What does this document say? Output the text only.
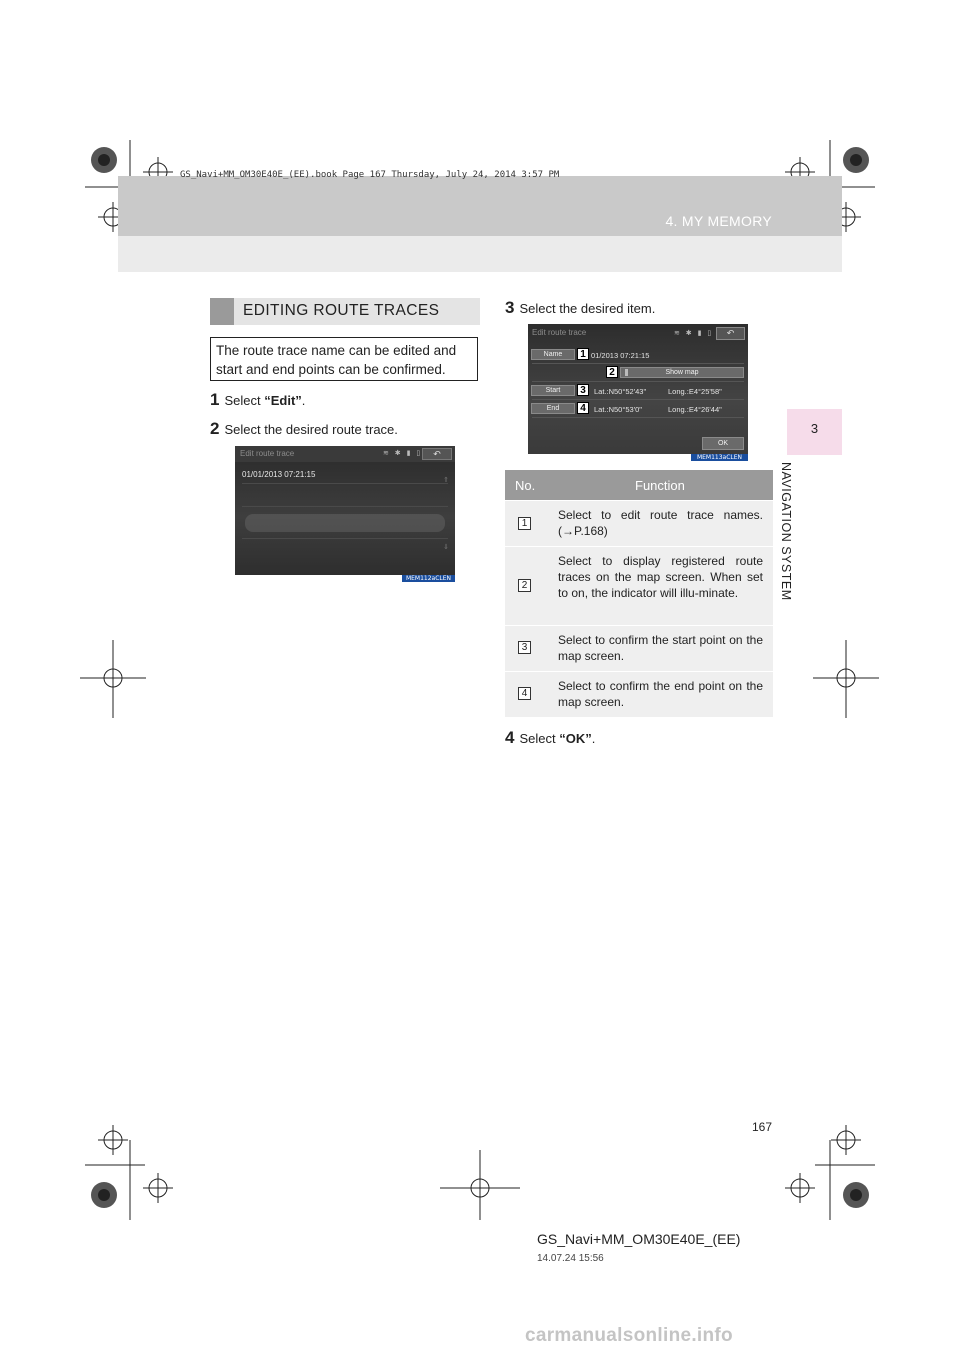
GS_Navi+MM_OM30E40E_(EE).book Page 167 Thursday, July 24, 2014 3:57 PM
4. MY MEMORY
3
NAVIGATION SYSTEM
EDITING ROUTE TRACES
The route trace name can be edited and start and end points can be confirmed.
1 Select “Edit”.
2 Select the desired route trace.
Edit route trace	≋ ✱ ▮ ▯	↶
01/01/2013 07:21:15
⇑
⇓
MEM112aCLEN
3 Select the desired item.
Edit route trace	≋ ✱ ▮ ▯	↶
Name	1 01/2013 07:21:15
2	Show map
Start	3	Lat.:N50°52'43"	Long.:E4°25'58"
End	4	Lat.:N50°53'0"	Long.:E4°26'44"
OK
MEM113aCLEN
No.	Function
1
Select to edit route trace names. (→P.168)
2
Select to display registered route traces on the map screen. When set to on, the indicator will illu-minate.
3
Select to confirm the start point on the map screen.
4
Select to confirm the end point on the map screen.
4 Select “OK”.
167
GS_Navi+MM_OM30E40E_(EE)
14.07.24 15:56
carmanualsonline.info
